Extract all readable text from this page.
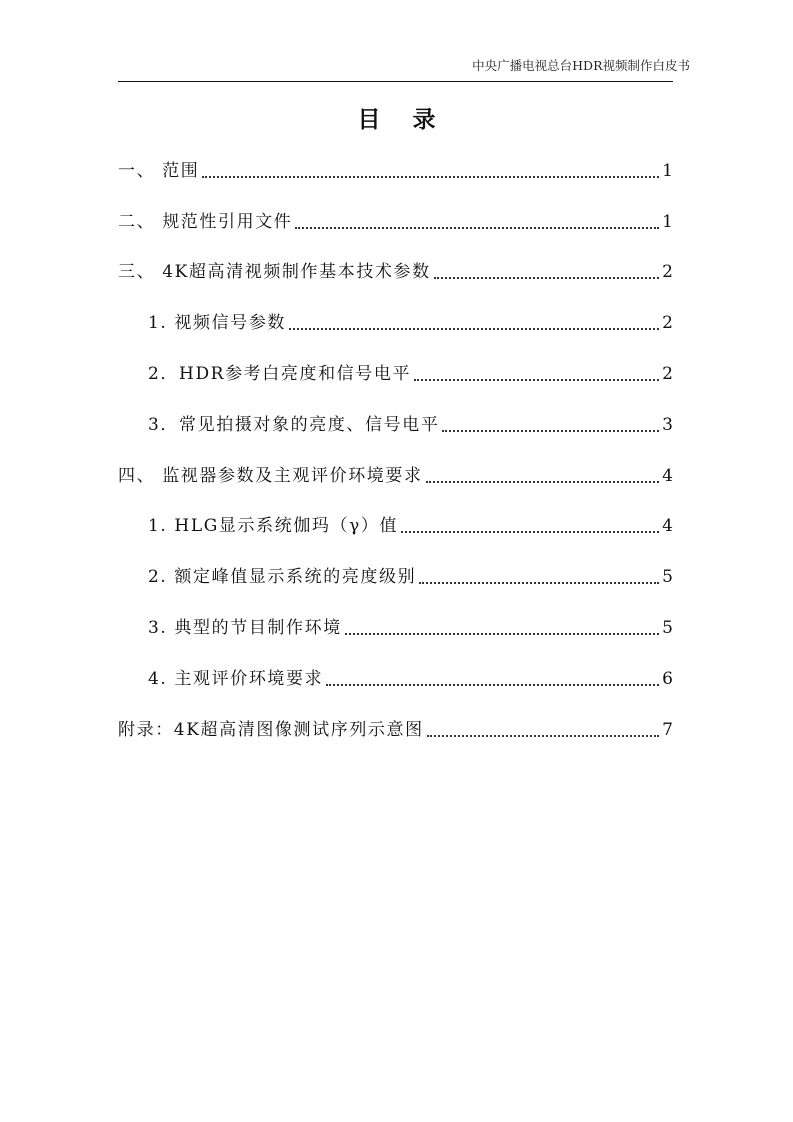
中央广播电视总台HDR视频制作白皮书
目录
一、 范围	1
二、 规范性引用文件	1
三、 4K超高清视频制作基本技术参数	2
1. 视频信号参数	2
2．HDR参考白亮度和信号电平	2
3．常见拍摄对象的亮度、信号电平	3
四、 监视器参数及主观评价环境要求	4
1. HLG显示系统伽玛（γ）值	4
2. 额定峰值显示系统的亮度级别	5
3. 典型的节目制作环境	5
4. 主观评价环境要求	6
附录：4K超高清图像测试序列示意图	7
